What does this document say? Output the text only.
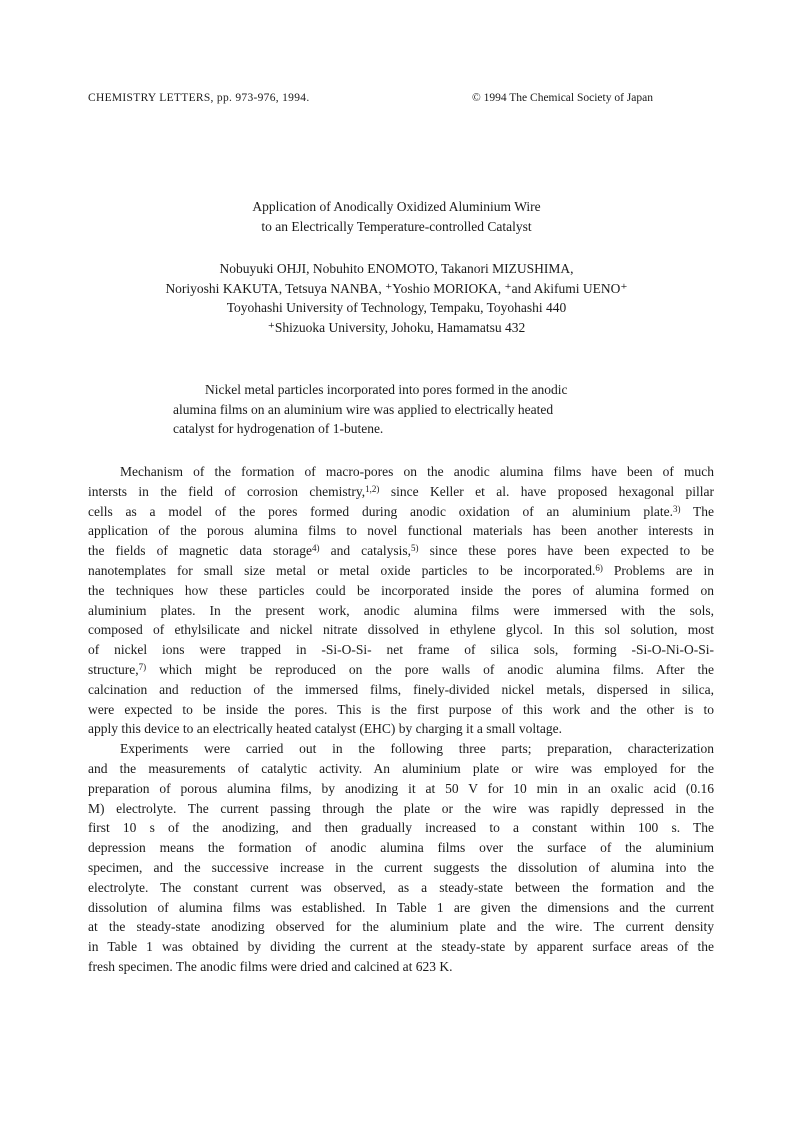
CHEMISTRY LETTERS, pp. 973-976, 1994.	© 1994 The Chemical Society of Japan
Application of Anodically Oxidized Aluminium Wire
to an Electrically Temperature-controlled Catalyst
Nobuyuki OHJI, Nobuhito ENOMOTO, Takanori MIZUSHIMA,
Noriyoshi KAKUTA, Tetsuya NANBA, ⁺Yoshio MORIOKA, ⁺and Akifumi UENO⁺
Toyohashi University of Technology, Tempaku, Toyohashi 440
⁺Shizuoka University, Johoku, Hamamatsu 432
Nickel metal particles incorporated into pores formed in the anodic
alumina films on an aluminium wire was applied to electrically heated
catalyst for hydrogenation of 1-butene.
Mechanism of the formation of macro-pores on the anodic alumina films have been of much
intersts in the field of corrosion chemistry,$^{1,2)}$ since Keller et al. have proposed hexagonal pillar
cells as a model of the pores formed during anodic oxidation of an aluminium plate.$^{3)}$ The
application of the porous alumina films to novel functional materials has been another interests in
the fields of magnetic data storage$^{4)}$ and catalysis,$^{5)}$ since these pores have been expected to be
nanotemplates for small size metal or metal oxide particles to be incorporated.$^{6)}$ Problems are in
the techniques how these particles could be incorporated inside the pores of alumina formed on
aluminium plates. In the present work, anodic alumina films were immersed with the sols,
composed of ethylsilicate and nickel nitrate dissolved in ethylene glycol. In this sol solution, most
of nickel ions were trapped in -Si-O-Si- net frame of silica sols, forming -Si-O-Ni-O-Si-
structure,$^{7)}$ which might be reproduced on the pore walls of anodic alumina films. After the
calcination and reduction of the immersed films, finely-divided nickel metals, dispersed in silica,
were expected to be inside the pores. This is the first purpose of this work and the other is to
apply this device to an electrically heated catalyst (EHC) by charging it a small voltage.
Experiments were carried out in the following three parts; preparation, characterization
and the measurements of catalytic activity. An aluminium plate or wire was employed for the
preparation of porous alumina films, by anodizing it at 50 V for 10 min in an oxalic acid (0.16
M) electrolyte. The current passing through the plate or the wire was rapidly depressed in the
first 10 s of the anodizing, and then gradually increased to a constant within 100 s. The
depression means the formation of anodic alumina films over the surface of the aluminium
specimen, and the successive increase in the current suggests the dissolution of alumina into the
electrolyte. The constant current was observed, as a steady-state between the formation and the
dissolution of alumina films was established. In Table 1 are given the dimensions and the current
at the steady-state anodizing observed for the aluminium plate and the wire. The current density
in Table 1 was obtained by dividing the current at the steady-state by apparent surface areas of the
fresh specimen. The anodic films were dried and calcined at 623 K.
